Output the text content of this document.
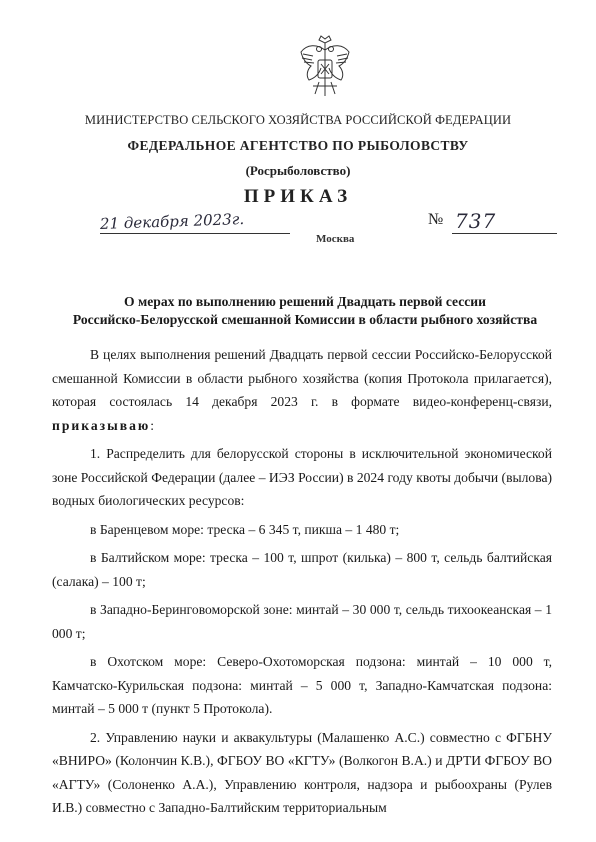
МИНИСТЕРСТВО СЕЛЬСКОГО ХОЗЯЙСТВА РОССИЙСКОЙ ФЕДЕРАЦИИ
ФЕДЕРАЛЬНОЕ АГЕНТСТВО ПО РЫБОЛОВСТВУ
(Росрыболовство)
ПРИКАЗ
21 декабря 2023г.
Москва
№ 737
О мерах по выполнению решений Двадцать первой сессии
Российско-Белорусской смешанной Комиссии в области рыбного хозяйства

В целях выполнения решений Двадцать первой сессии Российско-Белорусской смешанной Комиссии в области рыбного хозяйства (копия Протокола прилагается), которая состоялась 14 декабря 2023 г. в формате видео-конференц-связи, приказываю:

1. Распределить для белорусской стороны в исключительной экономической зоне Российской Федерации (далее – ИЭЗ России) в 2024 году квоты добычи (вылова) водных биологических ресурсов:

в Баренцевом море: треска – 6 345 т, пикша – 1 480 т;

в Балтийском море: треска – 100 т, шпрот (килька) – 800 т, сельдь балтийская (салака) – 100 т;

в Западно-Беринговоморской зоне: минтай – 30 000 т, сельдь тихоокеанская – 1 000 т;

в Охотском море: Северо-Охотоморская подзона: минтай – 10 000 т, Камчатско-Курильская подзона: минтай – 5 000 т, Западно-Камчатская подзона: минтай – 5 000 т (пункт 5 Протокола).

2. Управлению науки и аквакультуры (Малашенко А.С.) совместно с ФГБНУ «ВНИРО» (Колончин К.В.), ФГБОУ ВО «КГТУ» (Волкогон В.А.) и ДРТИ ФГБОУ ВО «АГТУ» (Солоненко А.А.), Управлению контроля, надзора и рыбоохраны (Рулев И.В.) совместно с Западно-Балтийским территориальным
